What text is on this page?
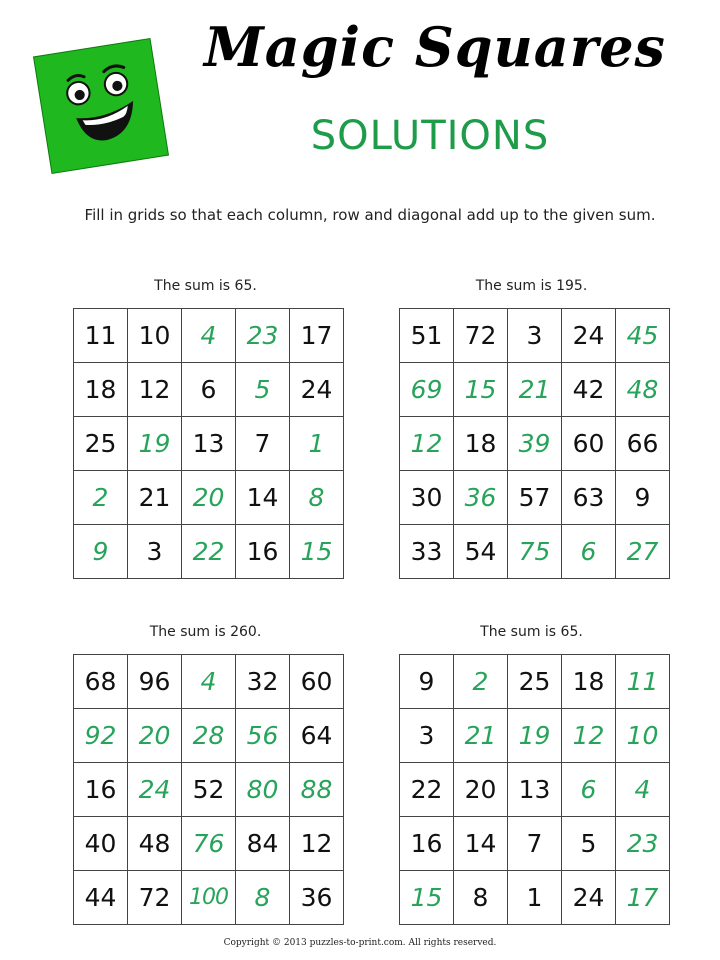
Magic Squares
SOLUTIONS
Fill in grids so that each column, row and diagonal add up to the given sum.
The sum is 65.
11	10	4	23	17
18	12	6	5	24
25	19	13	7	1
2	21	20	14	8
9	3	22	16	15
The sum is 195.
51	72	3	24	45
69	15	21	42	48
12	18	39	60	66
30	36	57	63	9
33	54	75	6	27
The sum is 260.
68	96	4	32	60
92	20	28	56	64
16	24	52	80	88
40	48	76	84	12
44	72	100	8	36
The sum is 65.
9	2	25	18	11
3	21	19	12	10
22	20	13	6	4
16	14	7	5	23
15	8	1	24	17
Copyright © 2013 puzzles-to-print.com. All rights reserved.
